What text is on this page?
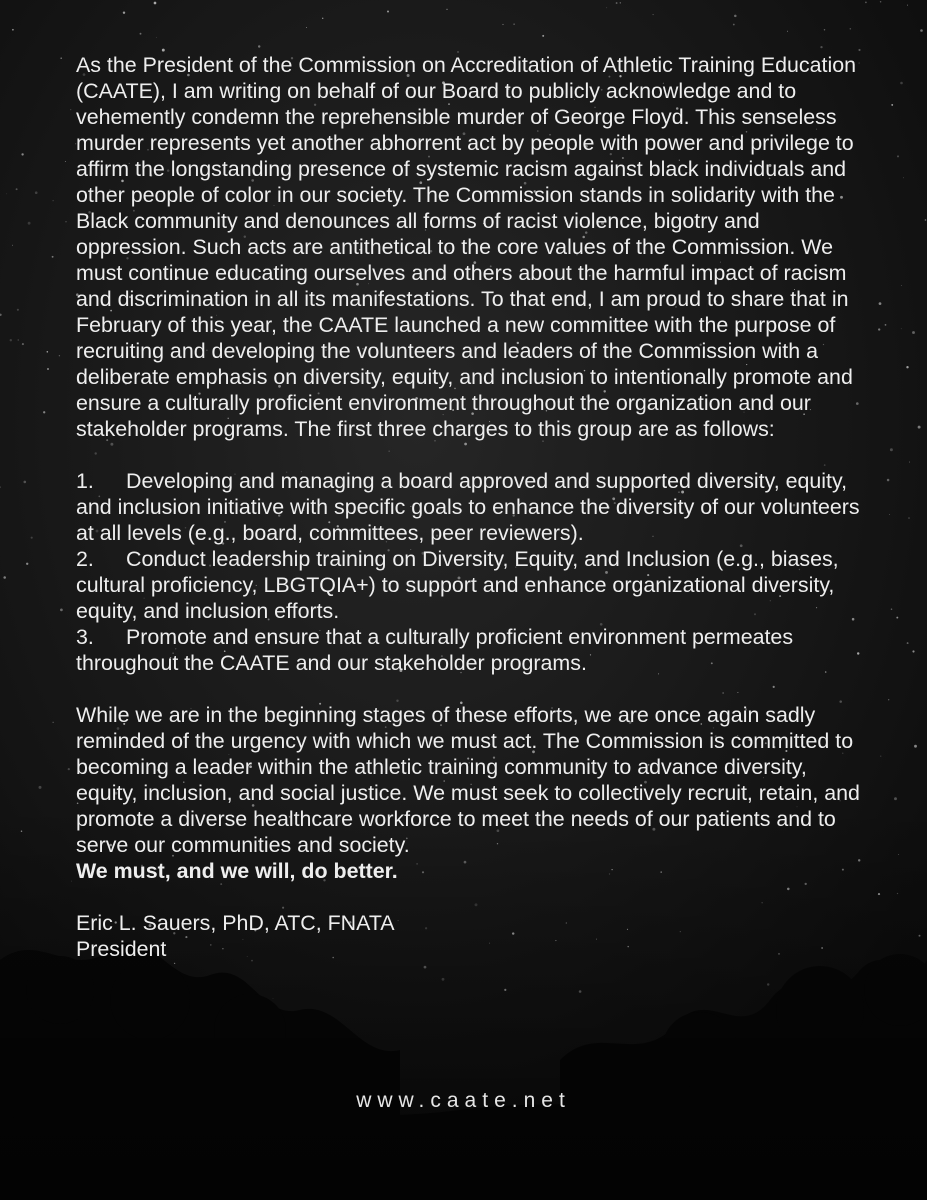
As the President of the Commission on Accreditation of Athletic Training Education (CAATE), I am writing on behalf of our Board to publicly acknowledge and to vehemently condemn the reprehensible murder of George Floyd. This senseless murder represents yet another abhorrent act by people with power and privilege to affirm the longstanding presence of systemic racism against black individuals and other people of color in our society. The Commission stands in solidarity with the Black community and denounces all forms of racist violence, bigotry and oppression. Such acts are antithetical to the core values of the Commission. We must continue educating ourselves and others about the harmful impact of racism and discrimination in all its manifestations. To that end, I am proud to share that in February of this year, the CAATE launched a new committee with the purpose of recruiting and developing the volunteers and leaders of the Commission with a deliberate emphasis on diversity, equity, and inclusion to intentionally promote and ensure a culturally proficient environment throughout the organization and our stakeholder programs. The first three charges to this group are as follows:

1. Developing and managing a board approved and supported diversity, equity, and inclusion initiative with specific goals to enhance the diversity of our volunteers at all levels (e.g., board, committees, peer reviewers).

2. Conduct leadership training on Diversity, Equity, and Inclusion (e.g., biases, cultural proficiency, LBGTQIA+) to support and enhance organizational diversity, equity, and inclusion efforts.

3. Promote and ensure that a culturally proficient environment permeates throughout the CAATE and our stakeholder programs.

While we are in the beginning stages of these efforts, we are once again sadly reminded of the urgency with which we must act. The Commission is committed to becoming a leader within the athletic training community to advance diversity, equity, inclusion, and social justice. We must seek to collectively recruit, retain, and promote a diverse healthcare workforce to meet the needs of our patients and to serve our communities and society.
We must, and we will, do better.

Eric L. Sauers, PhD, ATC, FNATA

President

www.caate.net
